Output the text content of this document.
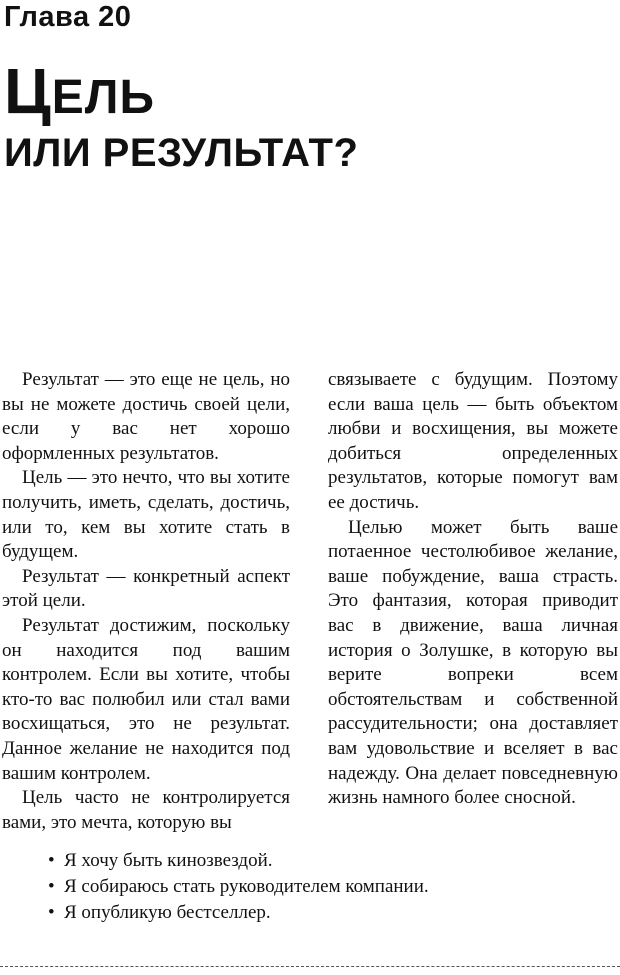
Глава 20
ЦЕЛЬ
ИЛИ РЕЗУЛЬТАТ?

Результат — это еще не цель, но вы не можете достичь своей цели, если у вас нет хорошо оформленных результатов.

Цель — это нечто, что вы хотите получить, иметь, сделать, достичь, или то, кем вы хотите стать в будущем.

Результат — конкретный аспект этой цели.

Результат достижим, поскольку он находится под вашим контролем. Если вы хотите, чтобы кто-то вас полюбил или стал вами восхищаться, это не результат. Данное желание не находится под вашим контролем.

Цель часто не контролируется вами, это мечта, которую вы

связываете с будущим. Поэтому если ваша цель — быть объектом любви и восхищения, вы можете добиться определенных результатов, которые помогут вам ее достичь.

Целью может быть ваше потаенное честолюбивое желание, ваше побуждение, ваша страсть. Это фантазия, которая приводит вас в движение, ваша личная история о Золушке, в которую вы верите вопреки всем обстоятельствам и собственной рассудительности; она доставляет вам удовольствие и вселяет в вас надежду. Она делает повседневную жизнь намного более сносной.

• Я хочу быть кинозвездой.
• Я собираюсь стать руководителем компании.
• Я опубликую бестселлер.
